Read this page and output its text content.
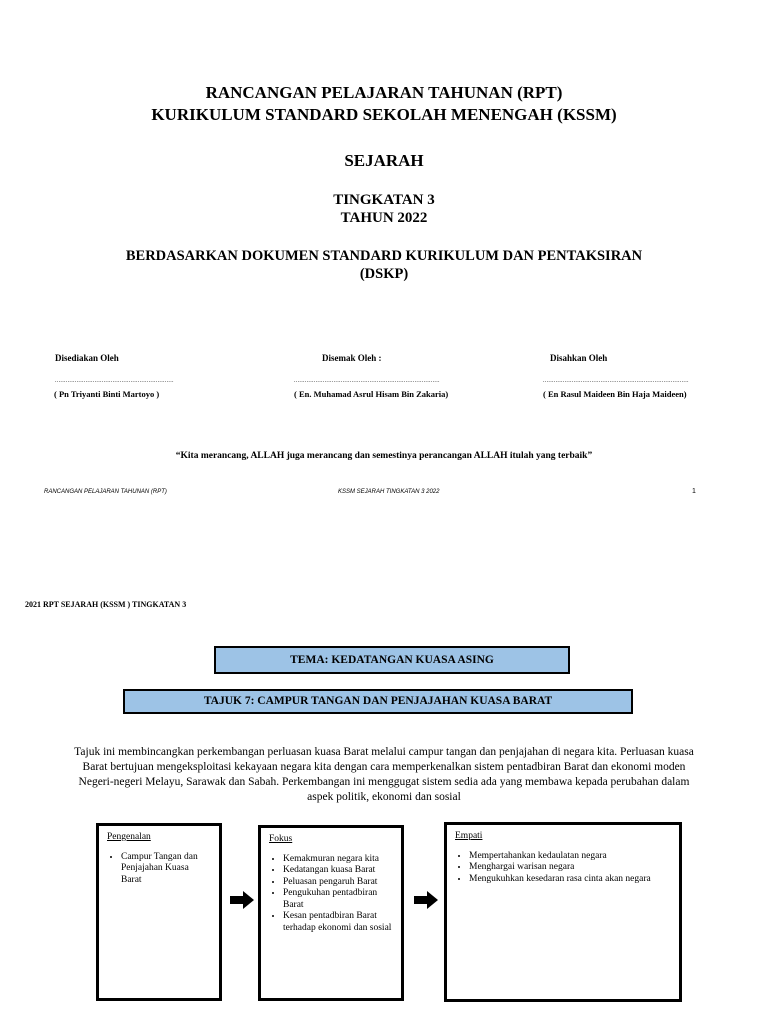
RANCANGAN PELAJARAN TAHUNAN (RPT)
KURIKULUM STANDARD SEKOLAH MENENGAH (KSSM)
SEJARAH
TINGKATAN 3
TAHUN 2022
BERDASARKAN DOKUMEN STANDARD KURIKULUM DAN PENTAKSIRAN
(DSKP)
Disediakan Oleh
..................................................................
( Pn Triyanti Binti Martoyo )
Disemak Oleh :
.................................................................................
( En. Muhamad Asrul Hisam Bin Zakaria)
Disahkan Oleh
.................................................................................
( En Rasul Maideen Bin Haja Maideen)
“Kita merancang, ALLAH juga merancang dan semestinya perancangan ALLAH itulah yang terbaik”
RANCANGAN PELAJARAN TAHUNAN (RPT)	KSSM SEJARAH TINGKATAN 3 2022	1
2021 RPT SEJARAH (KSSM ) TINGKATAN 3
TEMA: KEDATANGAN KUASA ASING
TAJUK 7: CAMPUR TANGAN DAN PENJAJAHAN KUASA BARAT
Tajuk ini membincangkan perkembangan perluasan kuasa Barat melalui campur tangan dan penjajahan di negara kita. Perluasan kuasa
Barat bertujuan mengeksploitasi kekayaan negara kita dengan cara memperkenalkan sistem pentadbiran Barat dan ekonomi moden
Negeri-negeri Melayu, Sarawak dan Sabah. Perkembangan ini menggugat sistem sedia ada yang membawa kepada perubahan dalam
aspek politik, ekonomi dan sosial
Pengenalan
• Campur Tangan dan Penjajahan Kuasa Barat
Fokus
• Kemakmuran negara kita
• Kedatangan kuasa Barat
• Peluasan pengaruh Barat
• Pengukuhan pentadbiran Barat
• Kesan pentadbiran Barat terhadap ekonomi dan sosial
Empati
• Mempertahankan kedaulatan negara
• Menghargai warisan negara
• Mengukuhkan kesedaran rasa cinta akan negara
